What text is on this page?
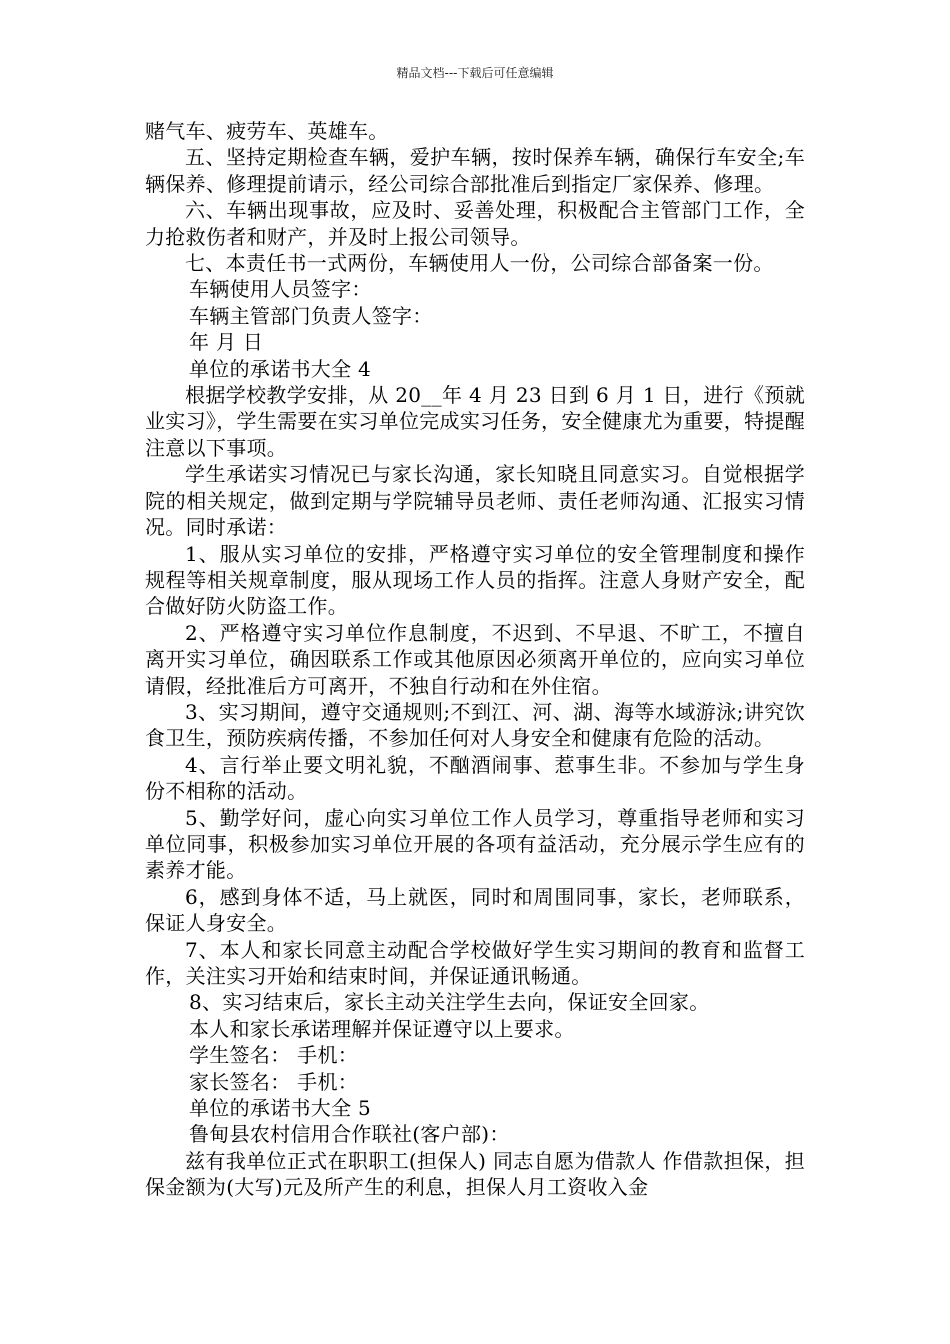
精品文档---下载后可任意编辑

赌气车、疲劳车、英雄车。

五、坚持定期检查车辆，爱护车辆，按时保养车辆，确保行车安全;车辆保养、修理提前请示，经公司综合部批准后到指定厂家保养、修理。

六、车辆出现事故，应及时、妥善处理，积极配合主管部门工作，全力抢救伤者和财产，并及时上报公司领导。

七、本责任书一式两份，车辆使用人一份，公司综合部备案一份。

车辆使用人员签字：

车辆主管部门负责人签字：

年 月 日

单位的承诺书大全 4

根据学校教学安排，从 20__年 4 月 23 日到 6 月 1 日，进行《预就业实习》，学生需要在实习单位完成实习任务，安全健康尤为重要，特提醒注意以下事项。

学生承诺实习情况已与家长沟通，家长知晓且同意实习。自觉根据学院的相关规定，做到定期与学院辅导员老师、责任老师沟通、汇报实习情况。同时承诺：

1、服从实习单位的安排，严格遵守实习单位的安全管理制度和操作规程等相关规章制度，服从现场工作人员的指挥。注意人身财产安全，配合做好防火防盗工作。

2、严格遵守实习单位作息制度，不迟到、不早退、不旷工，不擅自离开实习单位，确因联系工作或其他原因必须离开单位的，应向实习单位请假，经批准后方可离开，不独自行动和在外住宿。

3、实习期间，遵守交通规则;不到江、河、湖、海等水域游泳;讲究饮食卫生，预防疾病传播，不参加任何对人身安全和健康有危险的活动。

4、言行举止要文明礼貌，不酗酒闹事、惹事生非。不参加与学生身份不相称的活动。

5、勤学好问，虚心向实习单位工作人员学习，尊重指导老师和实习单位同事，积极参加实习单位开展的各项有益活动，充分展示学生应有的素养才能。

6，感到身体不适，马上就医，同时和周围同事，家长，老师联系，保证人身安全。

7、本人和家长同意主动配合学校做好学生实习期间的教育和监督工作，关注实习开始和结束时间，并保证通讯畅通。

8、实习结束后，家长主动关注学生去向，保证安全回家。

本人和家长承诺理解并保证遵守以上要求。

学生签名： 手机：

家长签名： 手机：

单位的承诺书大全 5

鲁甸县农村信用合作联社(客户部)：

兹有我单位正式在职职工(担保人) 同志自愿为借款人 作借款担保，担保金额为(大写)元及所产生的利息，担保人月工资收入金
